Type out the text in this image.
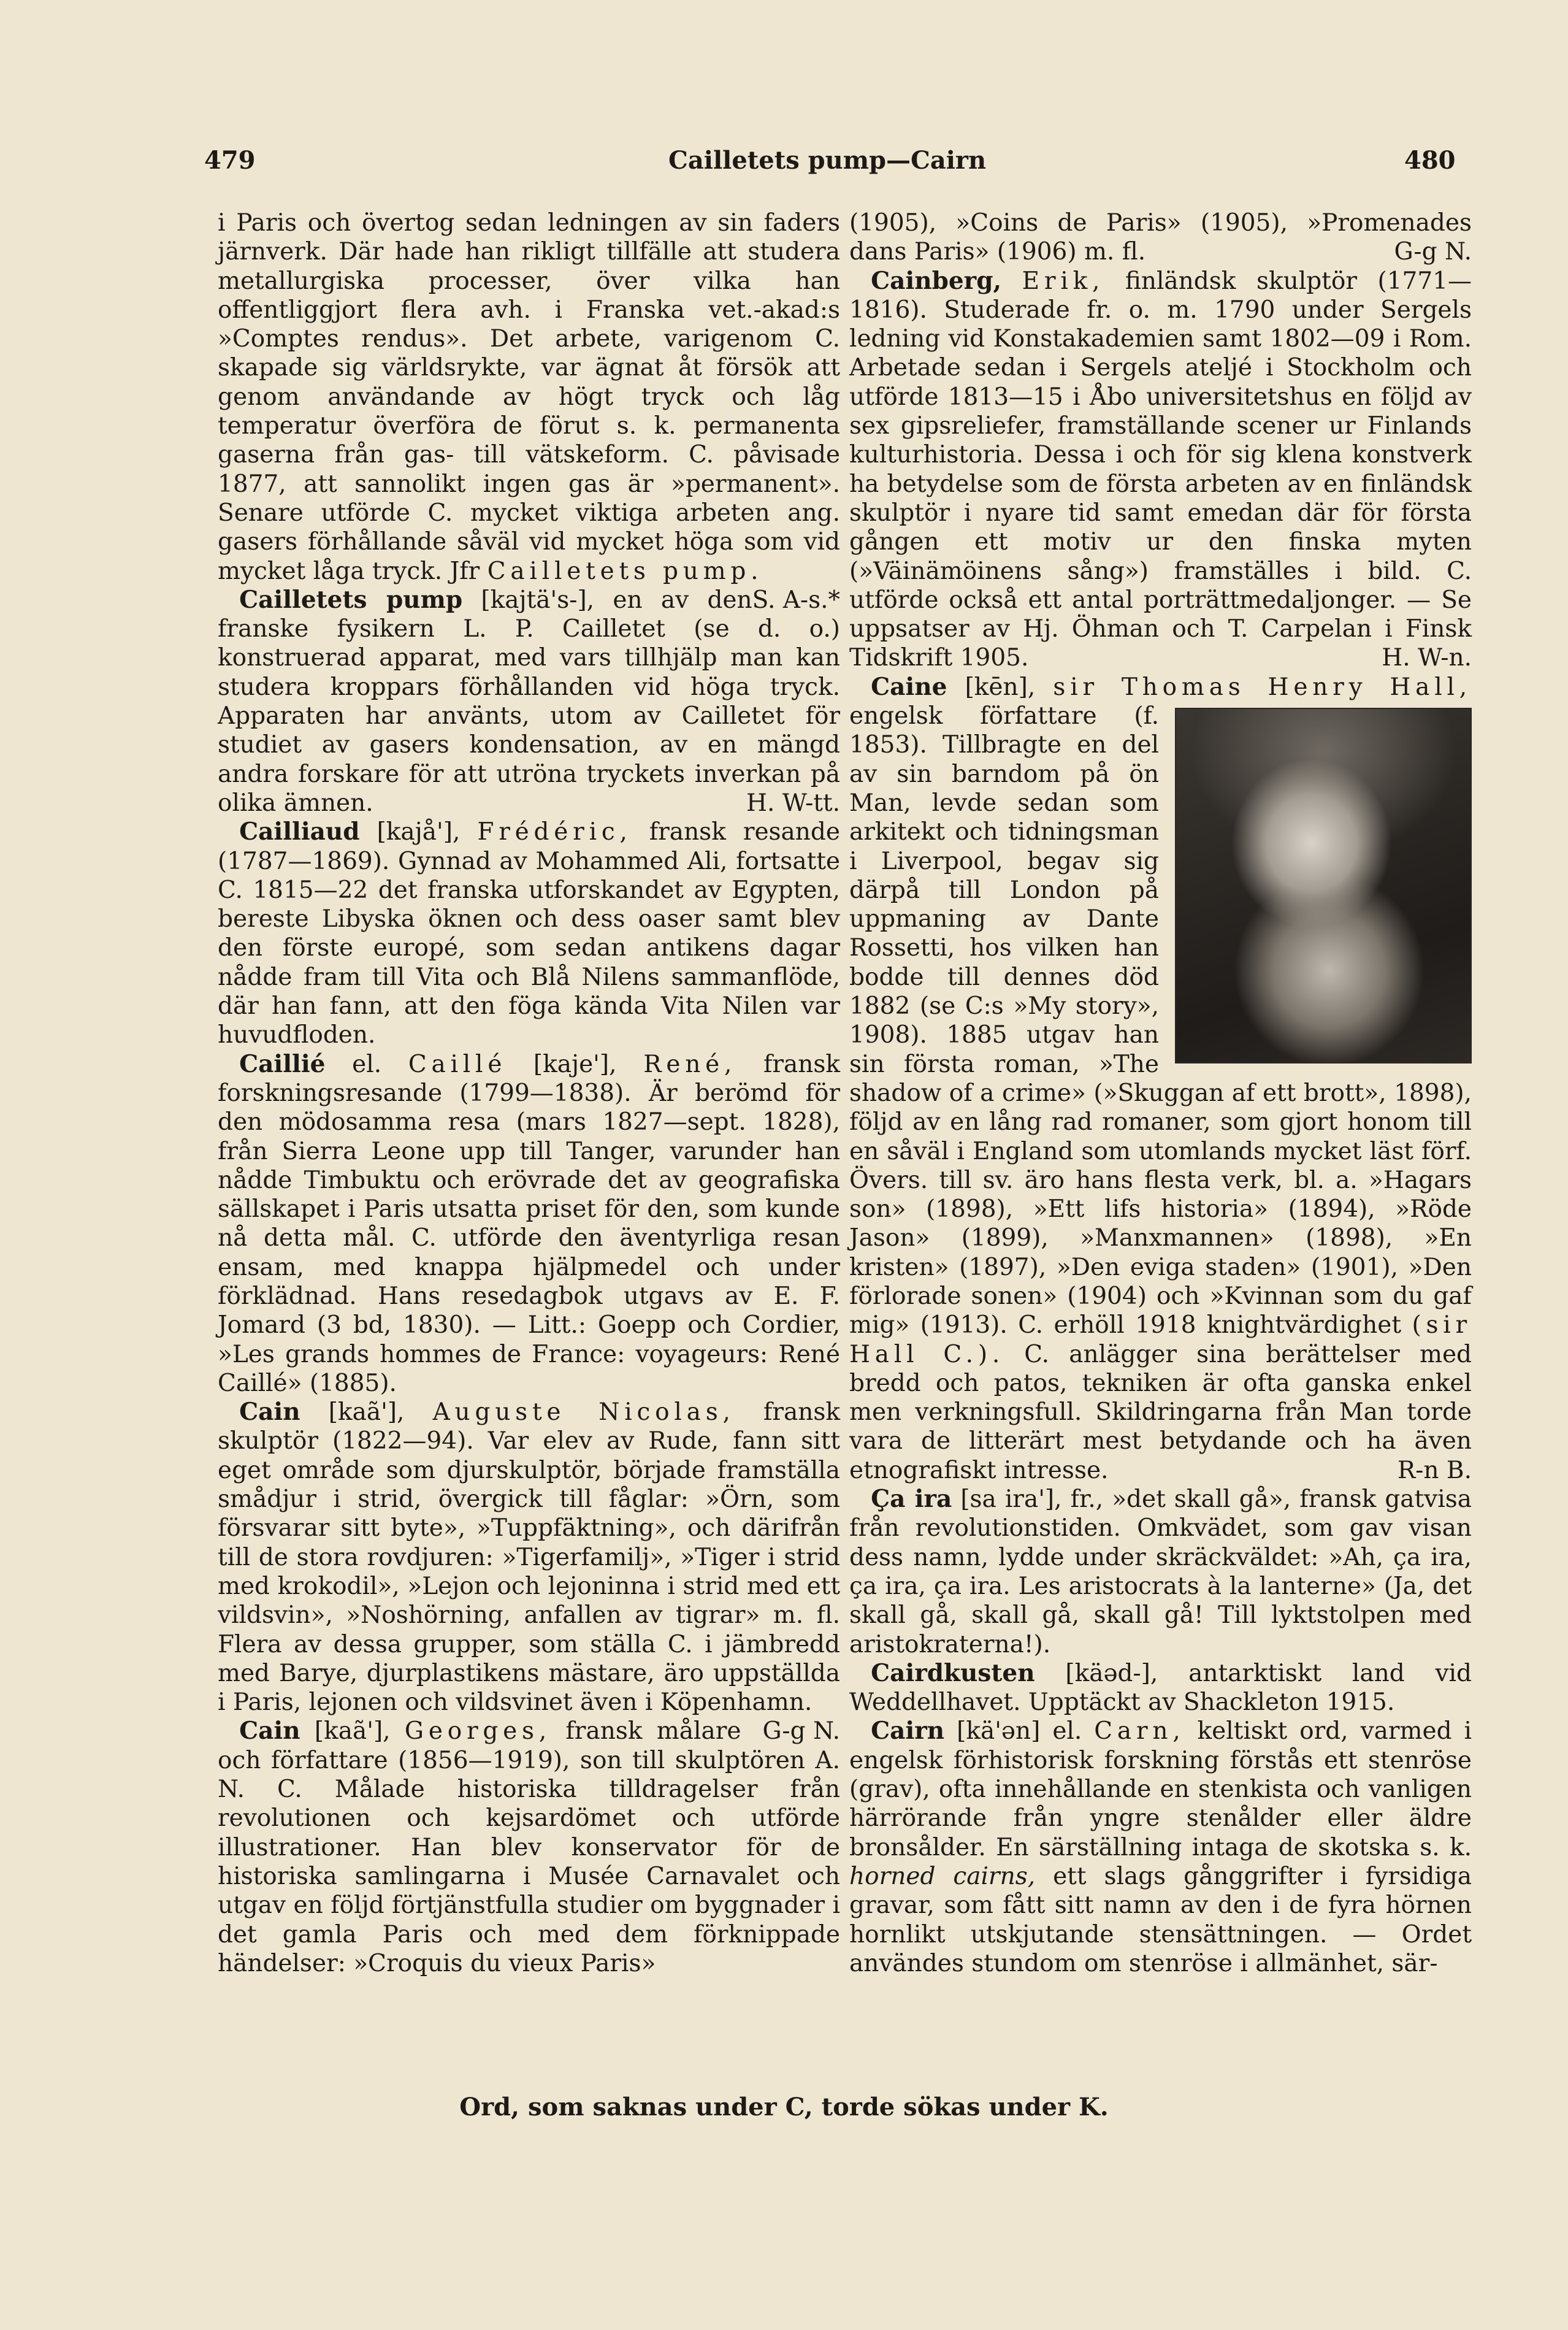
479	Cailletets pump—Cairn	480

i Paris och övertog sedan ledningen av sin faders järnverk. Där hade han rikligt tillfälle att studera metallurgiska processer, över vilka han offentliggjort flera avh. i Franska vet.-akad:s »Comptes rendus». Det arbete, varigenom C. skapade sig världsrykte, var ägnat åt försök att genom användande av högt tryck och låg temperatur överföra de förut s. k. permanenta gaserna från gas- till vätskeform. C. påvisade 1877, att sannolikt ingen gas är »permanent». Senare utförde C. mycket viktiga arbeten ang. gasers förhållande såväl vid mycket höga som vid mycket låga tryck. Jfr Cailletets pump.
S. A-s.*

Cailletets pump [kajtä's-], en av den franske fysikern L. P. Cailletet (se d. o.) konstruerad apparat, med vars tillhjälp man kan studera kroppars förhållanden vid höga tryck. Apparaten har använts, utom av Cailletet för studiet av gasers kondensation, av en mängd andra forskare för att utröna tryckets inverkan på olika ämnen.	H. W-tt.

Cailliaud [kajå'], Frédéric, fransk resande (1787—1869). Gynnad av Mohammed Ali, fortsatte C. 1815—22 det franska utforskandet av Egypten, bereste Libyska öknen och dess oaser samt blev den förste europé, som sedan antikens dagar nådde fram till Vita och Blå Nilens sammanflöde, där han fann, att den föga kända Vita Nilen var huvudfloden.

Caillié el. Caillé [kaje'], René, fransk forskningsresande (1799—1838). Är berömd för den mödosamma resa (mars 1827—sept. 1828), från Sierra Leone upp till Tanger, varunder han nådde Timbuktu och erövrade det av geografiska sällskapet i Paris utsatta priset för den, som kunde nå detta mål. C. utförde den äventyrliga resan ensam, med knappa hjälpmedel och under förklädnad. Hans resedagbok utgavs av E. F. Jomard (3 bd, 1830). — Litt.: Goepp och Cordier, »Les grands hommes de France: voyageurs: René Caillé» (1885).

Cain [kaã'], Auguste Nicolas, fransk skulptör (1822—94). Var elev av Rude, fann sitt eget område som djurskulptör, började framställa smådjur i strid, övergick till fåglar: »Örn, som försvarar sitt byte», »Tuppfäktning», och därifrån till de stora rovdjuren: »Tigerfamilj», »Tiger i strid med krokodil», »Lejon och lejoninna i strid med ett vildsvin», »Noshörning, anfallen av tigrar» m. fl. Flera av dessa grupper, som ställa C. i jämbredd med Barye, djurplastikens mästare, äro uppställda i Paris, lejonen och vildsvinet även i Köpenhamn.
G-g N.

Cain [kaã'], Georges, fransk målare och författare (1856—1919), son till skulptören A. N. C. Målade historiska tilldragelser från revolutionen och kejsardömet och utförde illustrationer. Han blev konservator för de historiska samlingarna i Musée Carnavalet och utgav en följd förtjänstfulla studier om byggnader i det gamla Paris och med dem förknippade händelser: »Croquis du vieux Paris»

(1905), »Coins de Paris» (1905), »Promenades dans Paris» (1906) m. fl.	G-g N.

Cainberg, Erik, finländsk skulptör (1771—1816). Studerade fr. o. m. 1790 under Sergels ledning vid Konstakademien samt 1802—09 i Rom. Arbetade sedan i Sergels ateljé i Stockholm och utförde 1813—15 i Åbo universitetshus en följd av sex gipsreliefer, framställande scener ur Finlands kulturhistoria. Dessa i och för sig klena konstverk ha betydelse som de första arbeten av en finländsk skulptör i nyare tid samt emedan där för första gången ett motiv ur den finska myten (»Väinämöinens sång») framställes i bild. C. utförde också ett antal porträttmedaljonger. — Se uppsatser av Hj. Öhman och T. Carpelan i Finsk Tidskrift 1905.	H. W-n.

Caine [kēn], sir Thomas Henry Hall,
engelsk författare (f. 1853). Tillbragte en del av sin barndom på ön Man, levde sedan som arkitekt och tidningsman i Liverpool, begav sig därpå till London på uppmaning av Dante Rossetti, hos vilken han bodde till dennes död 1882 (se C:s »My story», 1908). 1885 utgav han sin första roman, »The shadow of a crime» (»Skuggan af ett brott», 1898), följd av en lång rad romaner, som gjort honom till en såväl i England som utomlands mycket läst förf. Övers. till sv. äro hans flesta verk, bl. a. »Hagars son» (1898), »Ett lifs historia» (1894), »Röde Jason» (1899), »Manxmannen» (1898), »En kristen» (1897), »Den eviga staden» (1901), »Den förlorade sonen» (1904) och »Kvinnan som du gaf mig» (1913). C. erhöll 1918 knightvärdighet (sir Hall C.). C. anlägger sina berättelser med bredd och patos, tekniken är ofta ganska enkel men verkningsfull. Skildringarna från Man torde vara de litterärt mest betydande och ha även etnografiskt intresse.	R-n B.

Ça ira [sa ira'], fr., »det skall gå», fransk gatvisa från revolutionstiden. Omkvädet, som gav visan dess namn, lydde under skräckväldet: »Ah, ça ira, ça ira, ça ira. Les aristocrats à la lanterne» (Ja, det skall gå, skall gå, skall gå! Till lyktstolpen med aristokraterna!).

Cairdkusten [käəd-], antarktiskt land vid Weddellhavet. Upptäckt av Shackleton 1915.

Cairn [kä'ən] el. Carn, keltiskt ord, varmed i engelsk förhistorisk forskning förstås ett stenröse (grav), ofta innehållande en stenkista och vanligen härrörande från yngre stenålder eller äldre bronsålder. En särställning intaga de skotska s. k. horned cairns, ett slags gånggrifter i fyrsidiga gravar, som fått sitt namn av den i de fyra hörnen hornlikt utskjutande stensättningen. — Ordet användes stundom om stenröse i allmänhet, sär-

Ord, som saknas under C, torde sökas under K.
